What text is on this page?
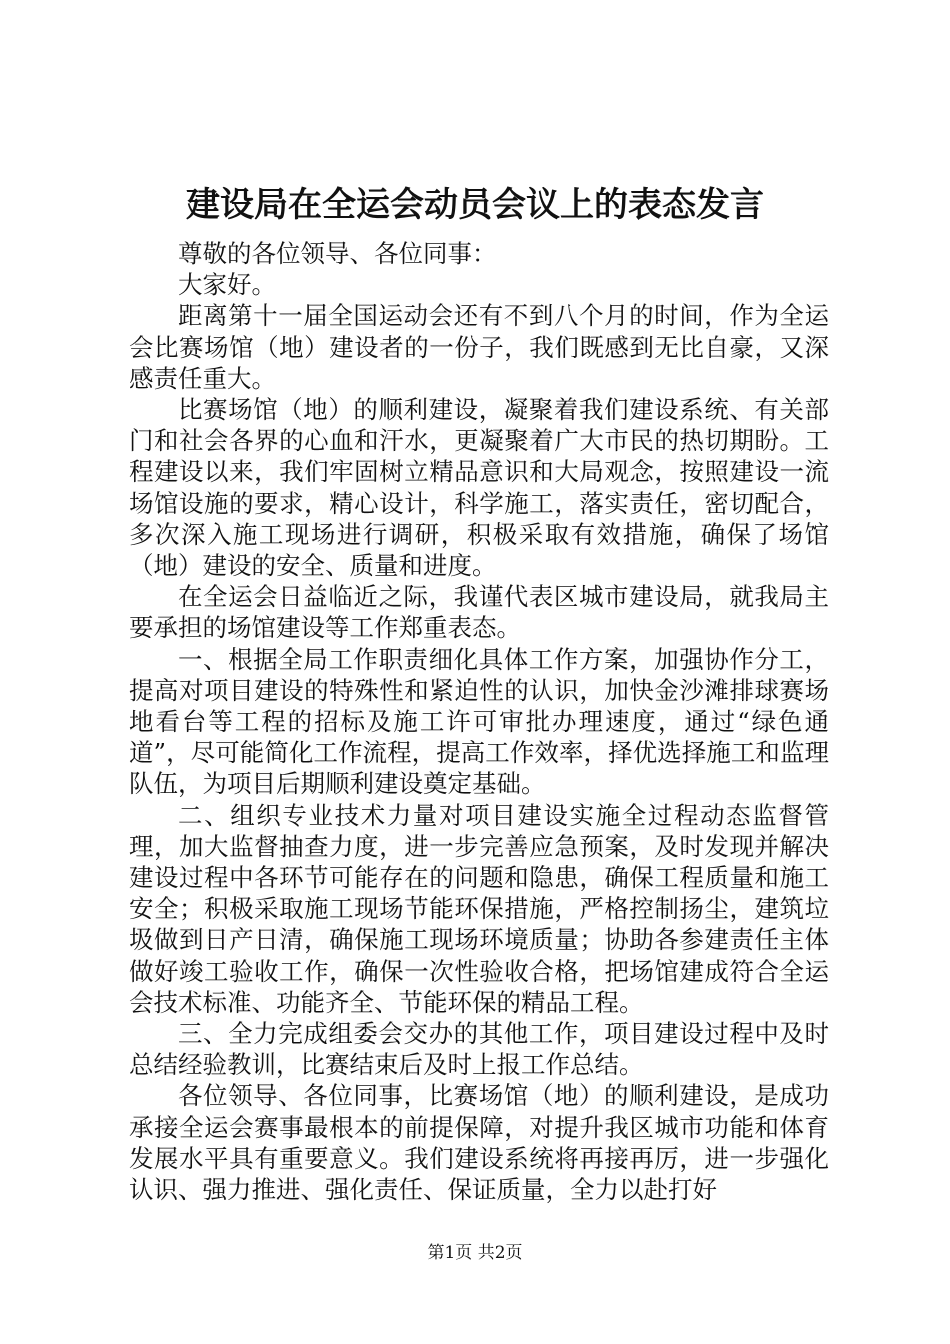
建设局在全运会动员会议上的表态发言

尊敬的各位领导、各位同事：

大家好。

距离第十一届全国运动会还有不到八个月的时间，作为全运会比赛场馆（地）建设者的一份子，我们既感到无比自豪，又深感责任重大。

比赛场馆（地）的顺利建设，凝聚着我们建设系统、有关部门和社会各界的心血和汗水，更凝聚着广大市民的热切期盼。工程建设以来，我们牢固树立精品意识和大局观念，按照建设一流场馆设施的要求，精心设计，科学施工，落实责任，密切配合，多次深入施工现场进行调研，积极采取有效措施，确保了场馆（地）建设的安全、质量和进度。

在全运会日益临近之际，我谨代表区城市建设局，就我局主要承担的场馆建设等工作郑重表态。

一、根据全局工作职责细化具体工作方案，加强协作分工，提高对项目建设的特殊性和紧迫性的认识，加快金沙滩排球赛场地看台等工程的招标及施工许可审批办理速度，通过“绿色通道”，尽可能简化工作流程，提高工作效率，择优选择施工和监理队伍，为项目后期顺利建设奠定基础。

二、组织专业技术力量对项目建设实施全过程动态监督管理，加大监督抽查力度，进一步完善应急预案，及时发现并解决建设过程中各环节可能存在的问题和隐患，确保工程质量和施工安全；积极采取施工现场节能环保措施，严格控制扬尘，建筑垃圾做到日产日清，确保施工现场环境质量；协助各参建责任主体做好竣工验收工作，确保一次性验收合格，把场馆建成符合全运会技术标准、功能齐全、节能环保的精品工程。

三、全力完成组委会交办的其他工作，项目建设过程中及时总结经验教训，比赛结束后及时上报工作总结。

各位领导、各位同事，比赛场馆（地）的顺利建设，是成功承接全运会赛事最根本的前提保障，对提升我区城市功能和体育发展水平具有重要意义。我们建设系统将再接再厉，进一步强化认识、强力推进、强化责任、保证质量，全力以赴打好

第1页 共2页
